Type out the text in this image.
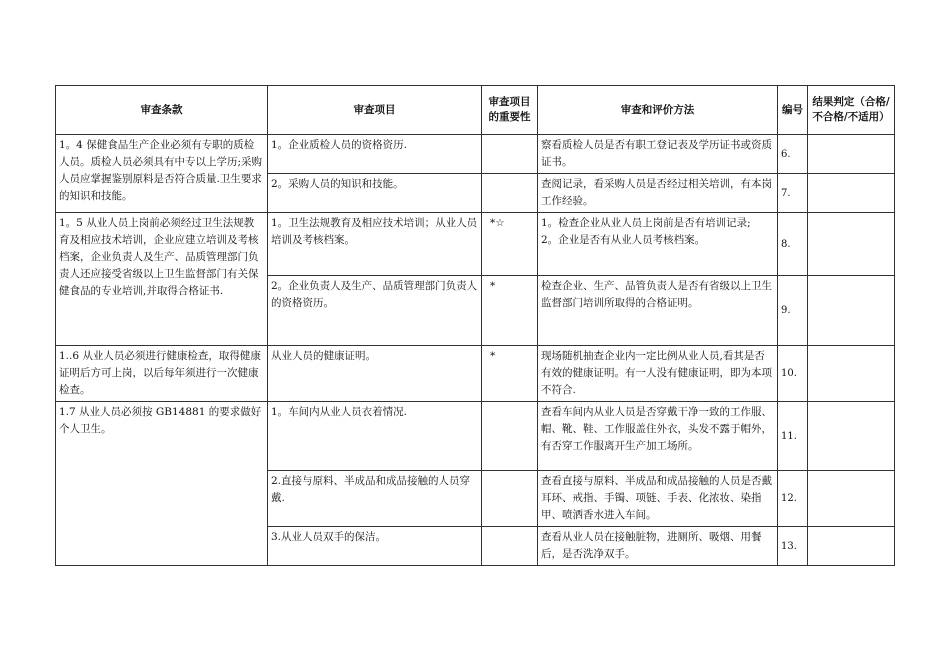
审查条款	审查项目	审查项目的重要性	审查和评价方法	编号	结果判定（合格/不合格/不适用）
1。4 保健食品生产企业必须有专职的质检人员。质检人员必须具有中专以上学历;采购人员应掌握鉴别原料是否符合质量.卫生要求的知识和技能。	1。企业质检人员的资格资历.		察看质检人员是否有职工登记表及学历证书或资质证书。	6.	
	2。采购人员的知识和技能。		查阅记录，看采购人员是否经过相关培训，有本岗工作经验。	7.	
1。5 从业人员上岗前必须经过卫生法规教育及相应技术培训，企业应建立培训及考核档案，企业负责人及生产、品质管理部门负责人还应接受省级以上卫生监督部门有关保健食品的专业培训,并取得合格证书.	1。卫生法规教育及相应技术培训；从业人员培训及考核档案。	*☆	1。检查企业从业人员上岗前是否有培训记录;
2。企业是否有从业人员考核档案。	8.	
	2。企业负责人及生产、品质管理部门负责人的资格资历。	*	检查企业、生产、品管负责人是否有省级以上卫生监督部门培训所取得的合格证明。	9.	
1..6 从业人员必须进行健康检查，取得健康证明后方可上岗，以后每年须进行一次健康检查。	从业人员的健康证明。	*	现场随机抽查企业内一定比例从业人员,看其是否有效的健康证明。有一人没有健康证明，即为本项不符合.	10.	
1.7 从业人员必须按 GB14881 的要求做好个人卫生。	1。车间内从业人员衣着情况.		查看车间内从业人员是否穿戴干净一致的工作服、帽、靴、鞋、工作服盖住外衣，头发不露于帽外，有否穿工作服离开生产加工场所。	11.	
	2.直接与原料、半成品和成品接触的人员穿戴.		查看直接与原料、半成品和成品接触的人员是否戴耳环、戒指、手镯、项链、手表、化浓妆、染指甲、喷洒香水进入车间。	12.	
	3.从业人员双手的保洁。		查看从业人员在接触脏物，进厕所、吸烟、用餐后，是否洗净双手。	13.	
